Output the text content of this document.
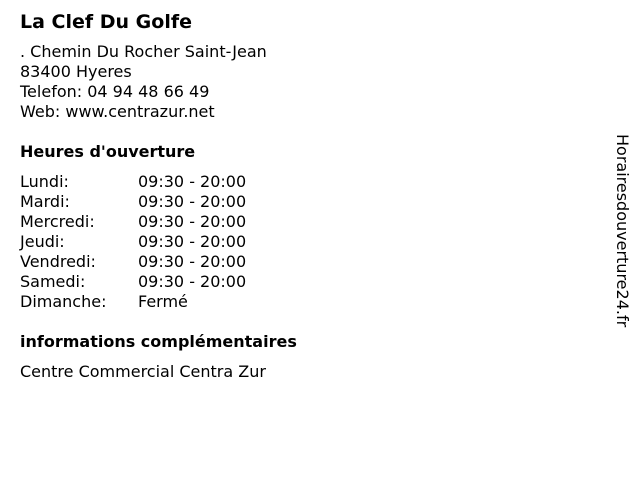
La Clef Du Golfe
. Chemin Du Rocher Saint-Jean
83400 Hyeres
Telefon: 04 94 48 66 49
Web: www.centrazur.net
Heures d'ouverture
Lundi:	09:30 - 20:00
Mardi:	09:30 - 20:00
Mercredi:	09:30 - 20:00
Jeudi:	09:30 - 20:00
Vendredi:	09:30 - 20:00
Samedi:	09:30 - 20:00
Dimanche:	Fermé
informations complémentaires
Centre Commercial Centra Zur
Horairesdouverture24.fr
